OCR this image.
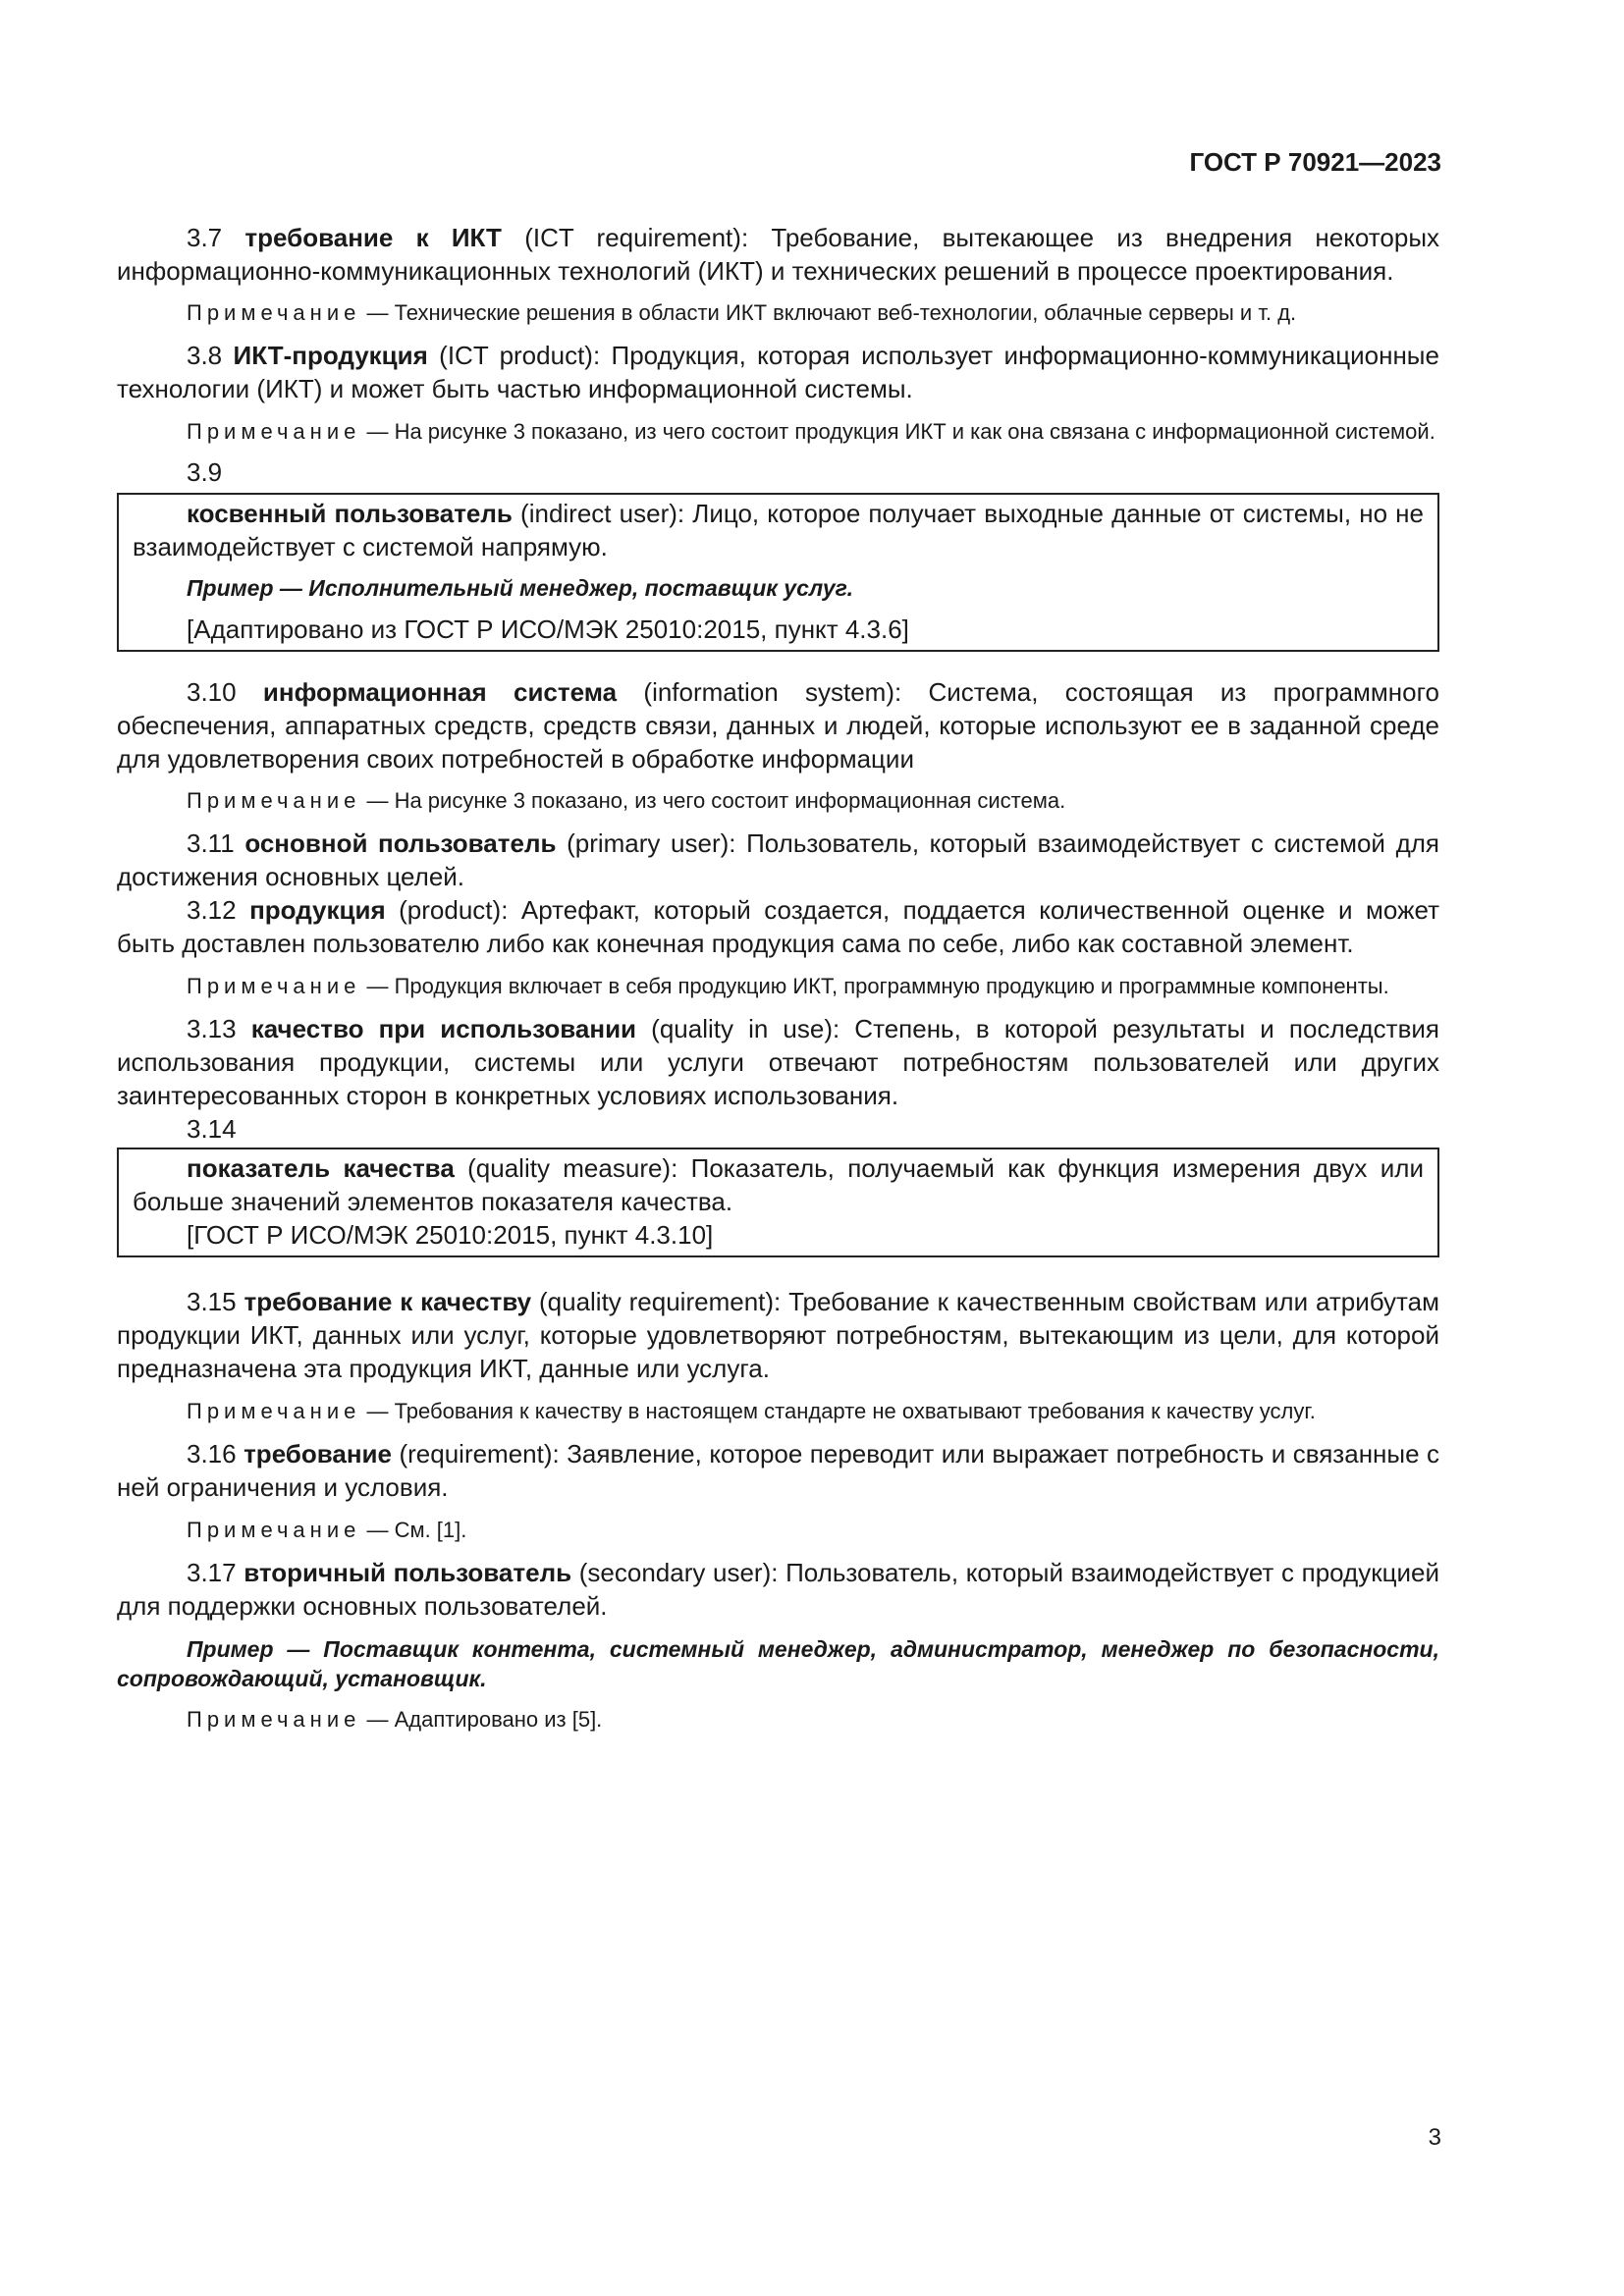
ГОСТ Р 70921—2023

3.7 требование к ИКТ (ICT requirement): Требование, вытекающее из внедрения некоторых информационно-коммуникационных технологий (ИКТ) и технических решений в процессе проектирования.

Примечание — Технические решения в области ИКТ включают веб-технологии, облачные серверы и т. д.

3.8 ИКТ-продукция (ICT product): Продукция, которая использует информационно-коммуникационные технологии (ИКТ) и может быть частью информационной системы.

Примечание — На рисунке 3 показано, из чего состоит продукция ИКТ и как она связана с информационной системой.

3.9

косвенный пользователь (indirect user): Лицо, которое получает выходные данные от системы, но не взаимодействует с системой напрямую.

Пример — Исполнительный менеджер, поставщик услуг.

[Адаптировано из ГОСТ Р ИСО/МЭК 25010:2015, пункт 4.3.6]

3.10 информационная система (information system): Система, состоящая из программного обеспечения, аппаратных средств, средств связи, данных и людей, которые используют ее в заданной среде для удовлетворения своих потребностей в обработке информации

Примечание — На рисунке 3 показано, из чего состоит информационная система.

3.11 основной пользователь (primary user): Пользователь, который взаимодействует с системой для достижения основных целей.

3.12 продукция (product): Артефакт, который создается, поддается количественной оценке и может быть доставлен пользователю либо как конечная продукция сама по себе, либо как составной элемент.

Примечание — Продукция включает в себя продукцию ИКТ, программную продукцию и программные компоненты.

3.13 качество при использовании (quality in use): Степень, в которой результаты и последствия использования продукции, системы или услуги отвечают потребностям пользователей или других заинтересованных сторон в конкретных условиях использования.

3.14

показатель качества (quality measure): Показатель, получаемый как функция измерения двух или больше значений элементов показателя качества.

[ГОСТ Р ИСО/МЭК 25010:2015, пункт 4.3.10]

3.15 требование к качеству (quality requirement): Требование к качественным свойствам или атрибутам продукции ИКТ, данных или услуг, которые удовлетворяют потребностям, вытекающим из цели, для которой предназначена эта продукция ИКТ, данные или услуга.

Примечание — Требования к качеству в настоящем стандарте не охватывают требования к качеству услуг.

3.16 требование (requirement): Заявление, которое переводит или выражает потребность и связанные с ней ограничения и условия.

Примечание — См. [1].

3.17 вторичный пользователь (secondary user): Пользователь, который взаимодействует с продукцией для поддержки основных пользователей.

Пример — Поставщик контента, системный менеджер, администратор, менеджер по безопасности, сопровождающий, установщик.

Примечание — Адаптировано из [5].

3
